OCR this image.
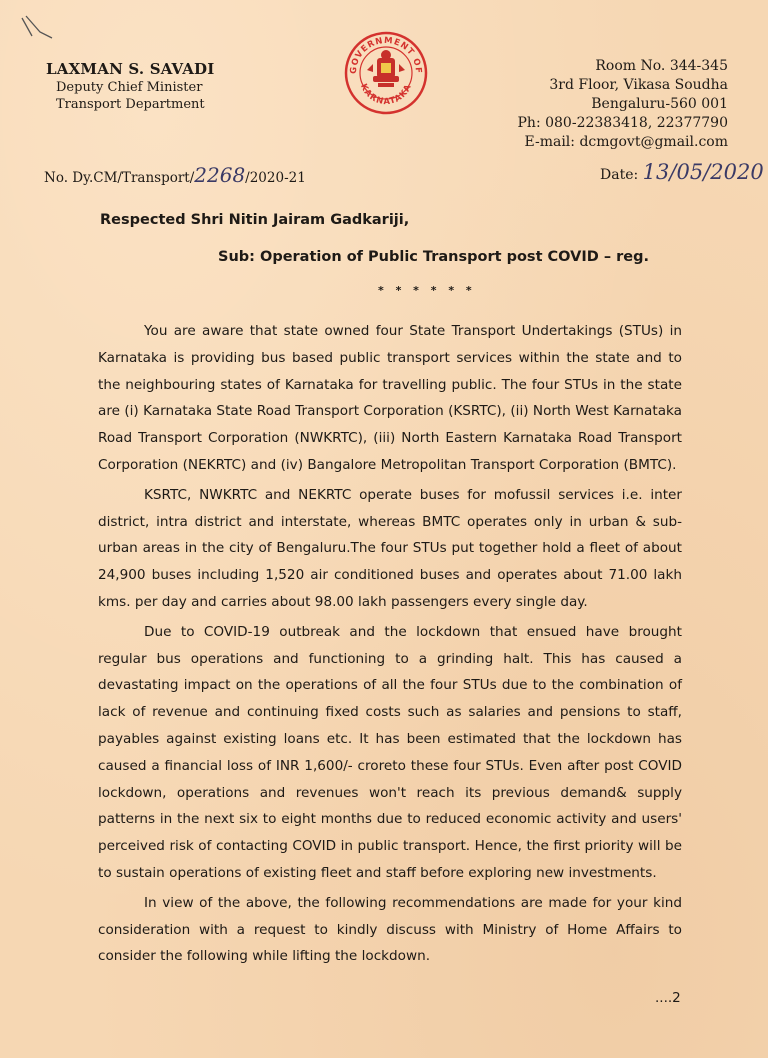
LAXMAN S. SAVADI
Deputy Chief Minister
Transport Department
GOVERNMENT OF
KARNATAKA
Room No. 344-345
3rd Floor, Vikasa Soudha
Bengaluru-560 001
Ph: 080-22383418, 22377790
E-mail: dcmgovt@gmail.com
No. Dy.CM/Transport/2268/2020-21	Date: 13/05/2020
Respected Shri Nitin Jairam Gadkariji,
Sub: Operation of Public Transport post COVID – reg.
* * * * * *

You are aware that state owned four State Transport Undertakings (STUs) in Karnataka is providing bus based public transport services within the state and to the neighbouring states of Karnataka for travelling public. The four STUs in the state are (i) Karnataka State Road Transport Corporation (KSRTC), (ii) North West Karnataka Road Transport Corporation (NWKRTC), (iii) North Eastern Karnataka Road Transport Corporation (NEKRTC) and (iv) Bangalore Metropolitan Transport Corporation (BMTC).

KSRTC, NWKRTC and NEKRTC operate buses for mofussil services i.e. inter district, intra district and interstate, whereas BMTC operates only in urban & sub-urban areas in the city of Bengaluru.The four STUs put together hold a fleet of about 24,900 buses including 1,520 air conditioned buses and operates about 71.00 lakh kms. per day and carries about 98.00 lakh passengers every single day.

Due to COVID-19 outbreak and the lockdown that ensued have brought regular bus operations and functioning to a grinding halt. This has caused a devastating impact on the operations of all the four STUs due to the combination of lack of revenue and continuing fixed costs such as salaries and pensions to staff, payables against existing loans etc. It has been estimated that the lockdown has caused a financial loss of INR 1,600/- croreto these four STUs. Even after post COVID lockdown, operations and revenues won't reach its previous demand& supply patterns in the next six to eight months due to reduced economic activity and users' perceived risk of contacting COVID in public transport. Hence, the first priority will be to sustain operations of existing fleet and staff before exploring new investments.

In view of the above, the following recommendations are made for your kind consideration with a request to kindly discuss with Ministry of Home Affairs to consider the following while lifting the lockdown.

....2
